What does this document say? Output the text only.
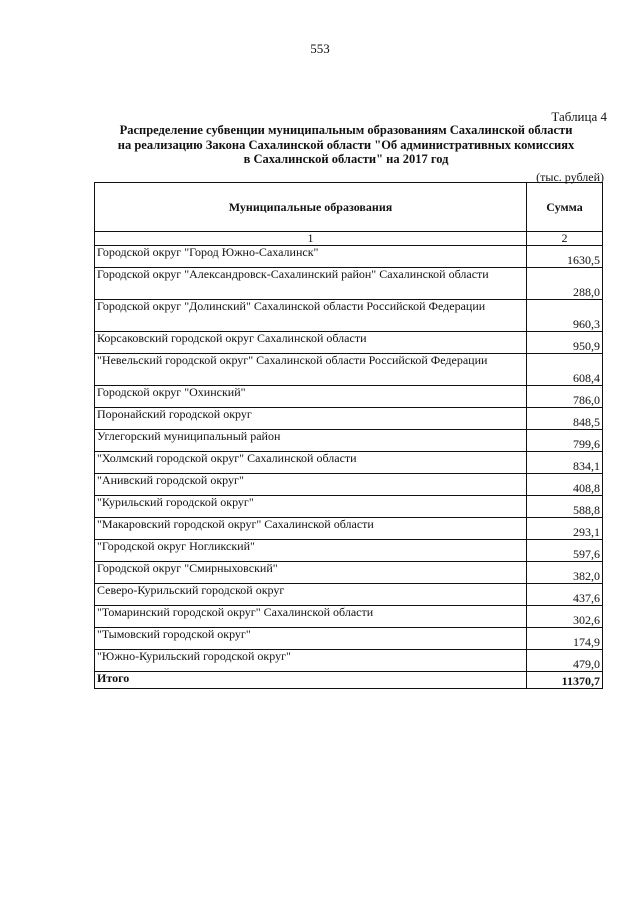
553
Таблица 4
Распределение субвенции муниципальным образованиям Сахалинской области
на реализацию Закона Сахалинской области "Об административных комиссиях
в Сахалинской области" на 2017 год
(тыс. рублей)
Муниципальные образования	Сумма
1	2
Городской округ "Город Южно-Сахалинск"	1630,5
Городской округ "Александровск-Сахалинский район" Сахалинской области	288,0
Городской округ "Долинский" Сахалинской области Российской Федерации	960,3
Корсаковский городской округ Сахалинской области	950,9
"Невельский городской округ" Сахалинской области Российской Федерации	608,4
Городской округ "Охинский"	786,0
Поронайский городской округ	848,5
Углегорский муниципальный район	799,6
"Холмский городской округ" Сахалинской области	834,1
"Анивский городской округ"	408,8
"Курильский городской округ"	588,8
"Макаровский городской округ" Сахалинской области	293,1
"Городской округ Ногликский"	597,6
Городской округ "Смирныховский"	382,0
Северо-Курильский городской округ	437,6
"Томаринский городской округ" Сахалинской области	302,6
"Тымовский городской округ"	174,9
"Южно-Курильский городской округ"	479,0
Итого	11370,7
